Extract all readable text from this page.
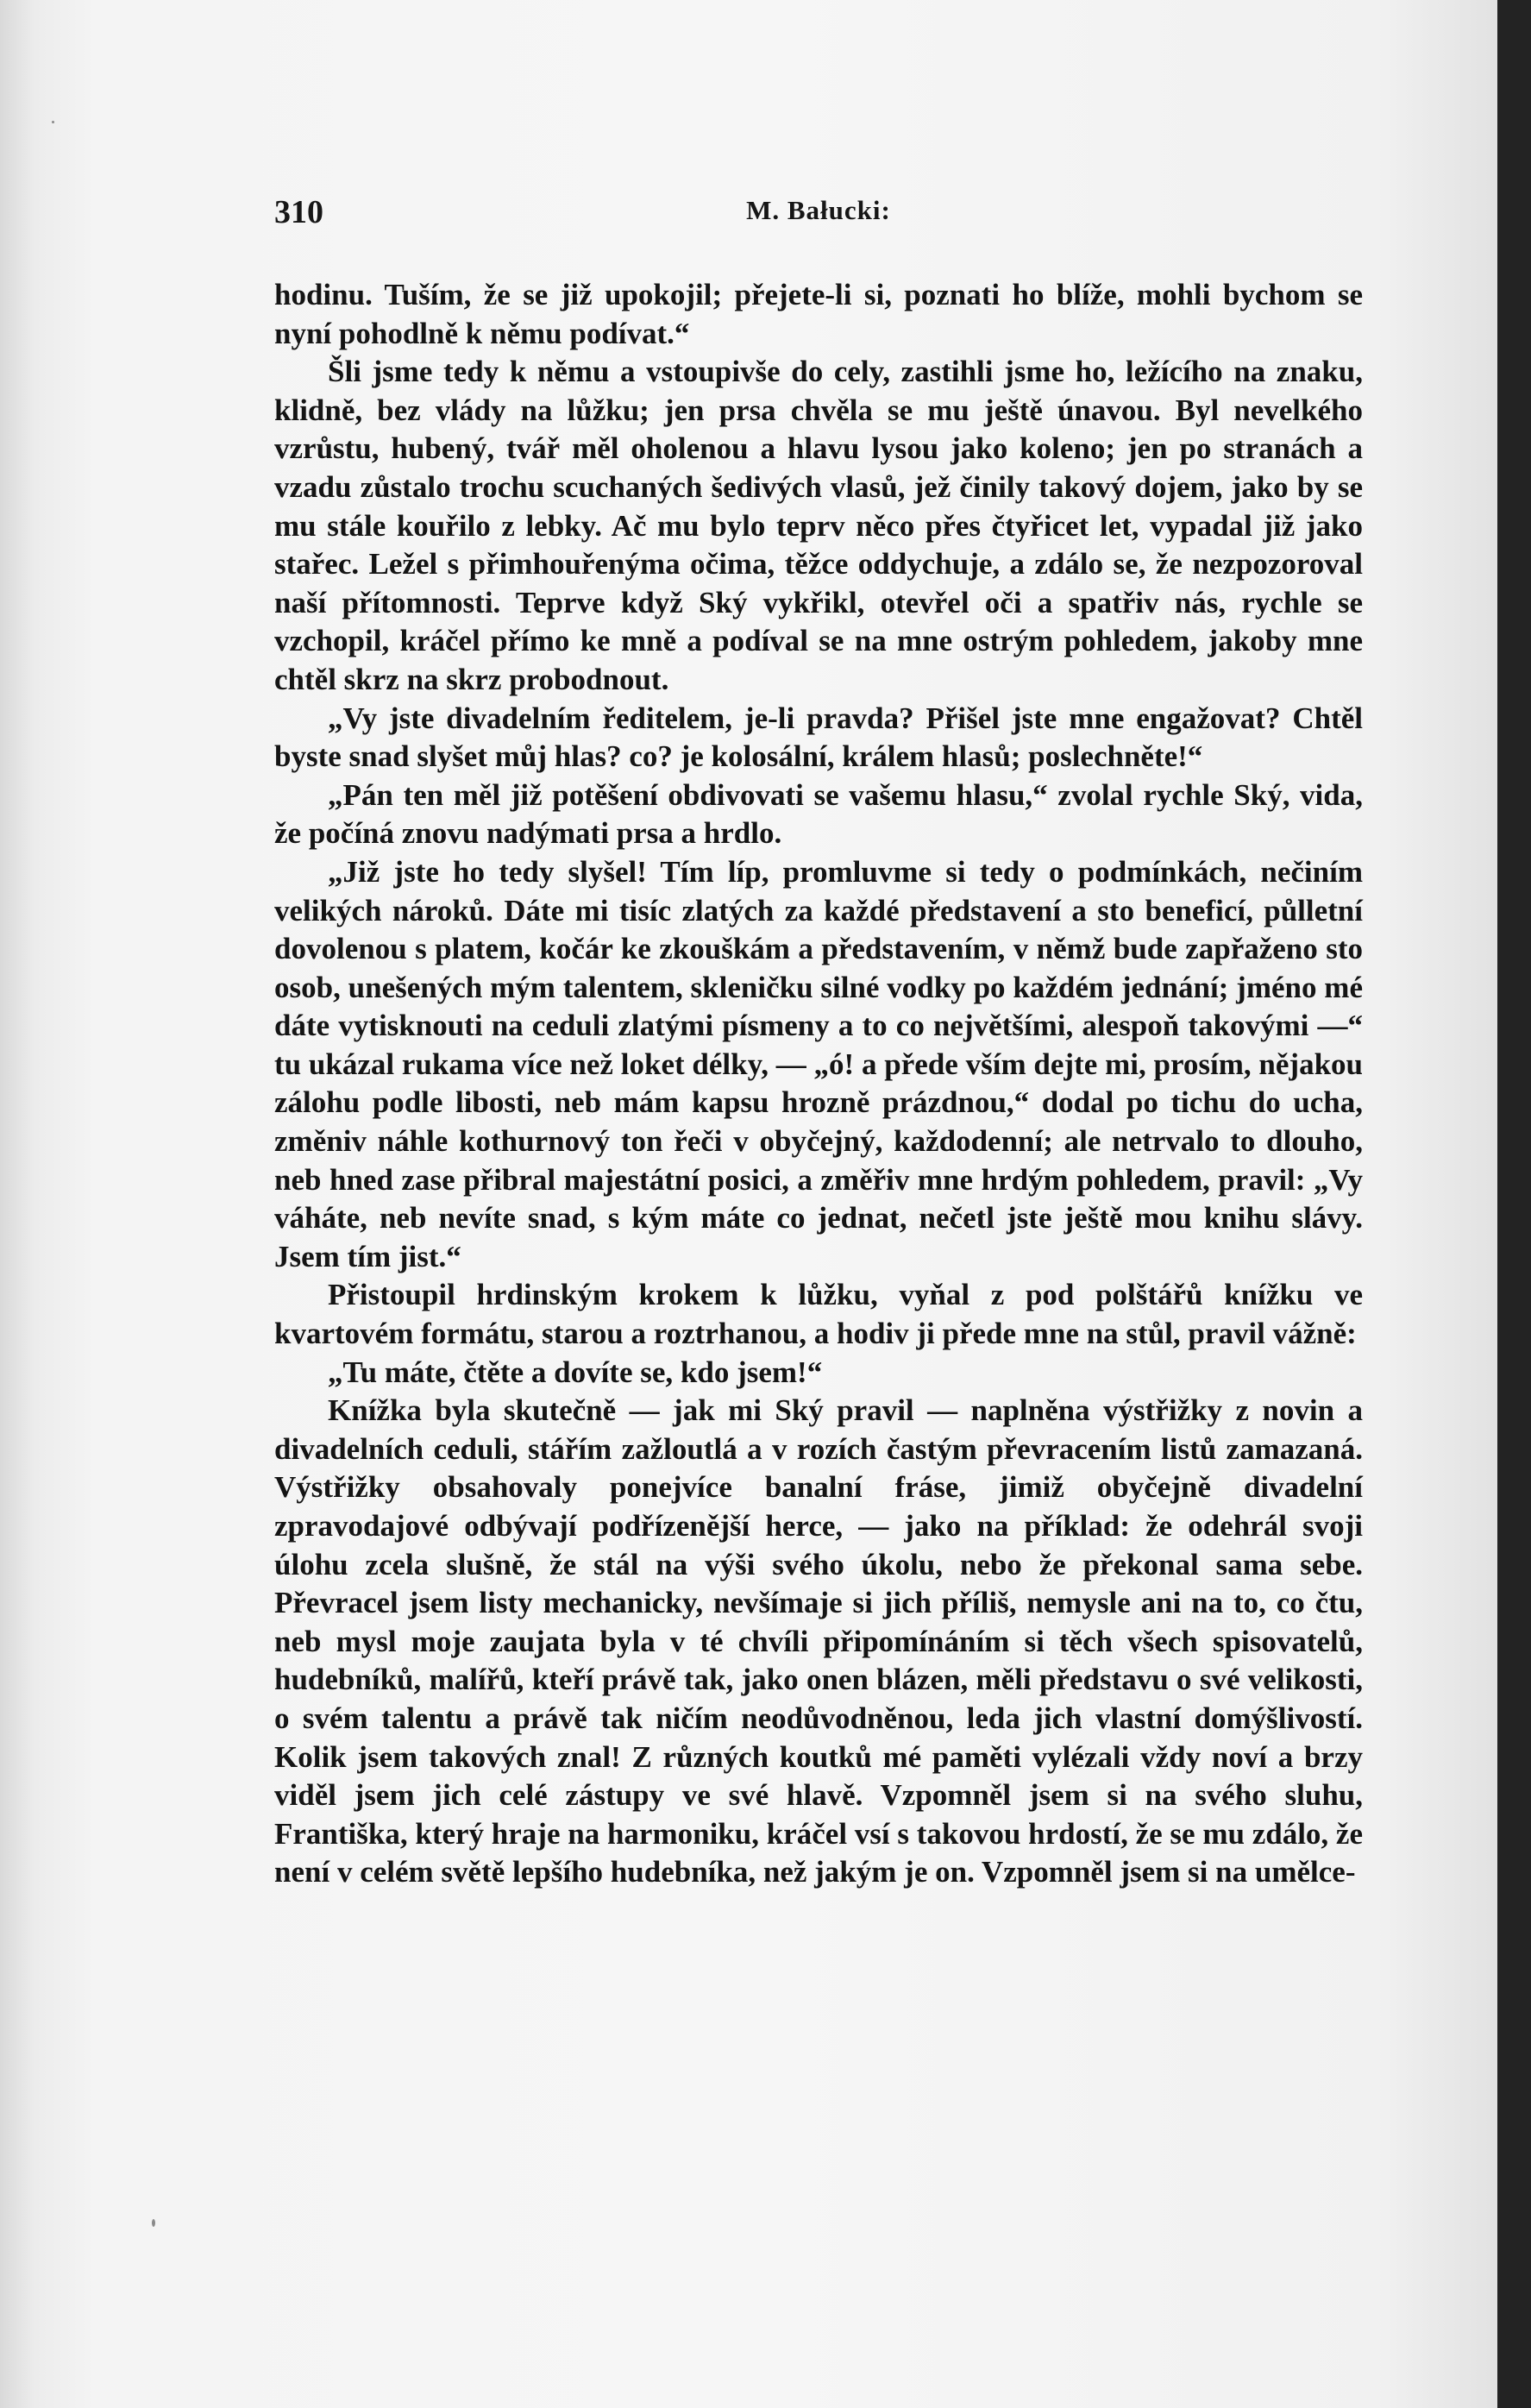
310	M. Bałucki:

hodinu. Tuším, že se již upokojil; přejete-li si, poznati ho blíže, mohli bychom se nyní pohodlně k němu podívat.“

Šli jsme tedy k němu a vstoupivše do cely, zastihli jsme ho, ležícího na znaku, klidně, bez vlády na lůžku; jen prsa chvěla se mu ještě únavou. Byl nevelkého vzrůstu, hubený, tvář měl oholenou a hlavu lysou jako koleno; jen po stranách a vzadu zůstalo trochu scuchaných šedivých vlasů, jež činily takový dojem, jako by se mu stále kouřilo z lebky. Ač mu bylo teprv něco přes čtyřicet let, vypadal již jako stařec. Ležel s přimhouřenýma očima, těžce oddychuje, a zdálo se, že nezpozoroval naší přítomnosti. Teprve když Ský vykřikl, otevřel oči a spatřiv nás, rychle se vzchopil, kráčel přímo ke mně a podíval se na mne ostrým pohledem, jakoby mne chtěl skrz na skrz probodnout.

„Vy jste divadelním ředitelem, je-li pravda? Přišel jste mne engažovat? Chtěl byste snad slyšet můj hlas? co? je kolosální, králem hlasů; poslechněte!“

„Pán ten měl již potěšení obdivovati se vašemu hlasu,“ zvolal rychle Ský, vida, že počíná znovu nadýmati prsa a hrdlo.

„Již jste ho tedy slyšel! Tím líp, promluvme si tedy o podmínkách, nečiním velikých nároků. Dáte mi tisíc zlatých za každé představení a sto beneficí, půlletní dovolenou s platem, kočár ke zkouškám a představením, v němž bude zapřaženo sto osob, unešených mým talentem, skleničku silné vodky po každém jednání; jméno mé dáte vytisknouti na ceduli zlatými písmeny a to co největšími, alespoň takovými —“ tu ukázal rukama více než loket délky, — „ó! a přede vším dejte mi, prosím, nějakou zálohu podle libosti, neb mám kapsu hrozně prázdnou,“ dodal po tichu do ucha, změniv náhle kothurnový ton řeči v obyčejný, každodenní; ale netrvalo to dlouho, neb hned zase přibral majestátní posici, a změřiv mne hrdým pohledem, pravil: „Vy váháte, neb nevíte snad, s kým máte co jednat, nečetl jste ještě mou knihu slávy. Jsem tím jist.“

Přistoupil hrdinským krokem k lůžku, vyňal z pod polštářů knížku ve kvartovém formátu, starou a roztrhanou, a hodiv ji přede mne na stůl, pravil vážně:

„Tu máte, čtěte a dovíte se, kdo jsem!“

Knížka byla skutečně — jak mi Ský pravil — naplněna výstřižky z novin a divadelních ceduli, stářím zažloutlá a v rozích častým převracením listů zamazaná. Výstřižky obsahovaly ponejvíce banalní fráse, jimiž obyčejně divadelní zpravodajové odbývají podřízenější herce, — jako na příklad: že odehrál svoji úlohu zcela slušně, že stál na výši svého úkolu, nebo že překonal sama sebe. Převracel jsem listy mechanicky, nevšímaje si jich příliš, nemysle ani na to, co čtu, neb mysl moje zaujata byla v té chvíli připomínáním si těch všech spisovatelů, hudebníků, malířů, kteří právě tak, jako onen blázen, měli představu o své velikosti, o svém talentu a právě tak ničím neodůvodněnou, leda jich vlastní domýšlivostí. Kolik jsem takových znal! Z různých koutků mé paměti vylézali vždy noví a brzy viděl jsem jich celé zástupy ve své hlavě. Vzpomněl jsem si na svého sluhu, Františka, který hraje na harmoniku, kráčel vsí s takovou hrdostí, že se mu zdálo, že není v celém světě lepšího hudebníka, než jakým je on. Vzpomněl jsem si na umělce-
